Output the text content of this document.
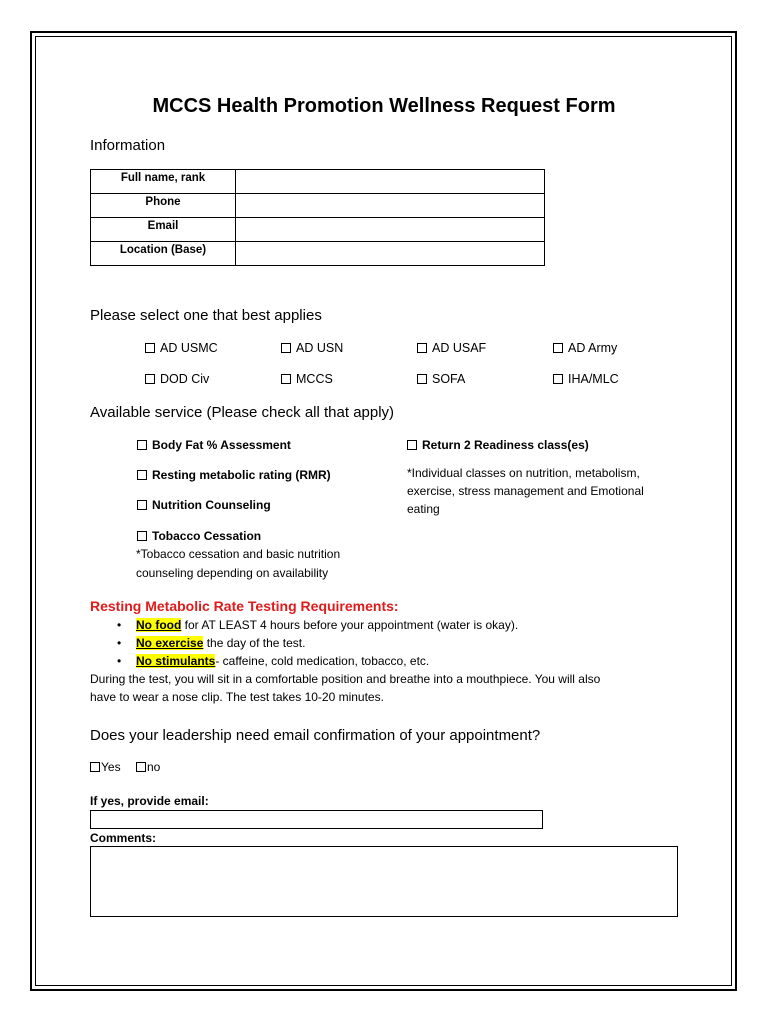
MCCS Health Promotion Wellness Request Form
Information
Full name, rank	
Phone	
Email	
Location (Base)	
Please select one that best applies
AD USMC	AD USN	AD USAF	AD Army
DOD Civ	MCCS	SOFA	IHA/MLC
Available service (Please check all that apply)
Body Fat % Assessment
Resting metabolic rating (RMR)
Nutrition Counseling
Tobacco Cessation
*Tobacco cessation and basic nutrition
counseling depending on availability
Return 2 Readiness class(es)
*Individual classes on nutrition, metabolism,
exercise, stress management and Emotional
eating
Resting Metabolic Rate Testing Requirements:
• No food for AT LEAST 4 hours before your appointment (water is okay).
• No exercise the day of the test.
• No stimulants- caffeine, cold medication, tobacco, etc.
During the test, you will sit in a comfortable position and breathe into a mouthpiece. You will also
have to wear a nose clip. The test takes 10-20 minutes.
Does your leadership need email confirmation of your appointment?
Yes	no
If yes, provide email:
Comments:
